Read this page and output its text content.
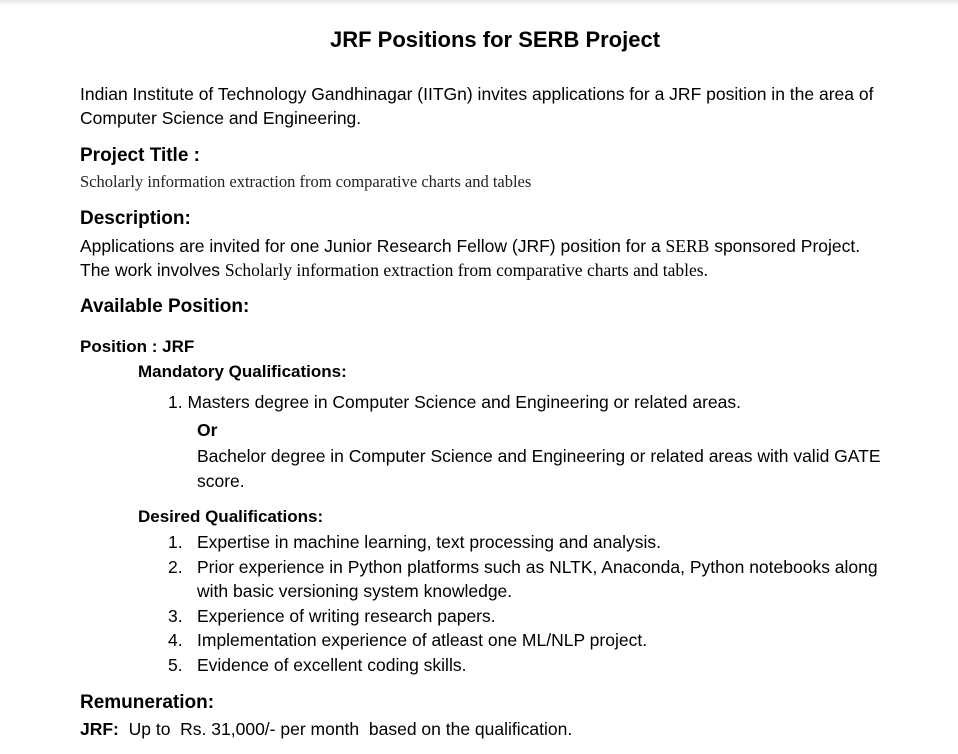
JRF Positions for SERB Project

Indian Institute of Technology Gandhinagar (IITGn) invites applications for a JRF position in the area of Computer Science and Engineering.

Project Title :

Scholarly information extraction from comparative charts and tables

Description:

Applications are invited for one Junior Research Fellow (JRF) position for a SERB sponsored Project.
The work involves Scholarly information extraction from comparative charts and tables.

Available Position:

Position : JRF

Mandatory Qualifications:

1. Masters degree in Computer Science and Engineering or related areas.

Or

Bachelor degree in Computer Science and Engineering or related areas with valid GATE score.

Desired Qualifications:
1. Expertise in machine learning, text processing and analysis.
2. Prior experience in Python platforms such as NLTK, Anaconda, Python notebooks along with basic versioning system knowledge.
3. Experience of writing research papers.
4. Implementation experience of atleast one ML/NLP project.
5. Evidence of excellent coding skills.
Remuneration:

JRF:  Up to  Rs. 31,000/- per month  based on the qualification.
